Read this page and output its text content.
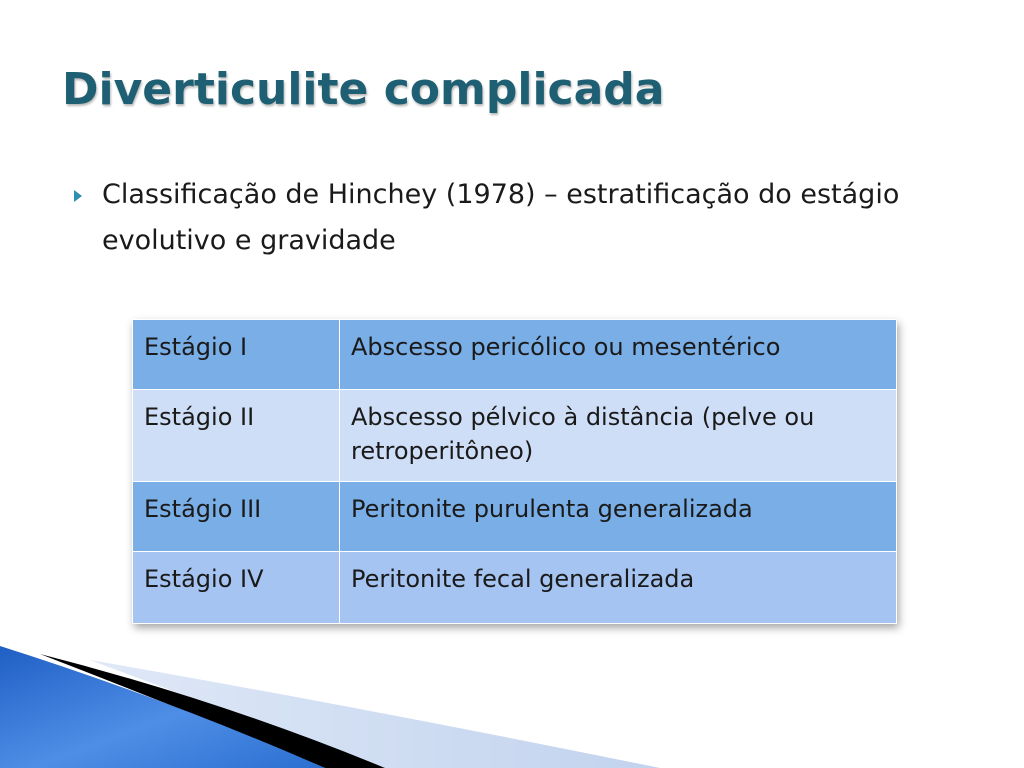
Diverticulite complicada
Classificação de Hinchey (1978) – estratificação do estágio evolutivo e gravidade
Estágio I	Abscesso pericólico ou mesentérico
Estágio II	Abscesso pélvico à distância (pelve ou retroperitôneo)
Estágio III	Peritonite purulenta generalizada
Estágio IV	Peritonite fecal generalizada
